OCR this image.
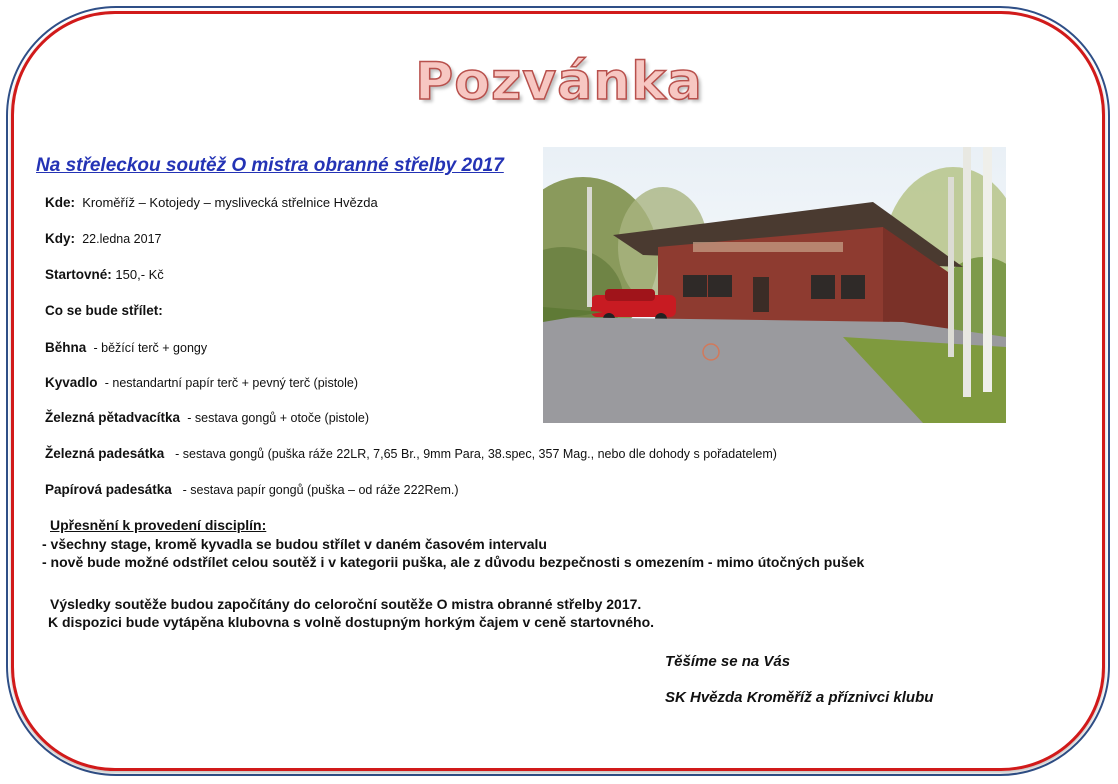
Pozvánka
Na střeleckou soutěž O mistra obranné střelby 2017
Kde: Kroměříž – Kotojedy – myslivecká střelnice Hvězda
Kdy: 22.ledna 2017
Startovné: 150,- Kč
Co se bude střílet:
Běhna - běžící terč + gongy
Kyvadlo - nestandartní papír terč + pevný terč (pistole)
Železná pětadvacítka - sestava gongů + otoče (pistole)
Železná padesátka - sestava gongů (puška ráže 22LR, 7,65 Br., 9mm Para, 38.spec, 357 Mag., nebo dle dohody s pořadatelem)
Papírová padesátka - sestava papír gongů (puška – od ráže 222Rem.)
Upřesnění k provedení disciplín:
- všechny stage, kromě kyvadla se budou střílet v daném časovém intervalu
- nově bude možné odstřílet celou soutěž i v kategorii puška, ale z důvodu bezpečnosti s omezením - mimo útočných pušek
Výsledky soutěže budou započítány do celoroční soutěže O mistra obranné střelby 2017.
K dispozici bude vytápěna klubovna s volně dostupným horkým čajem v ceně startovného.
Těšíme se na Vás
SK Hvězda Kroměříž a příznivci klubu
